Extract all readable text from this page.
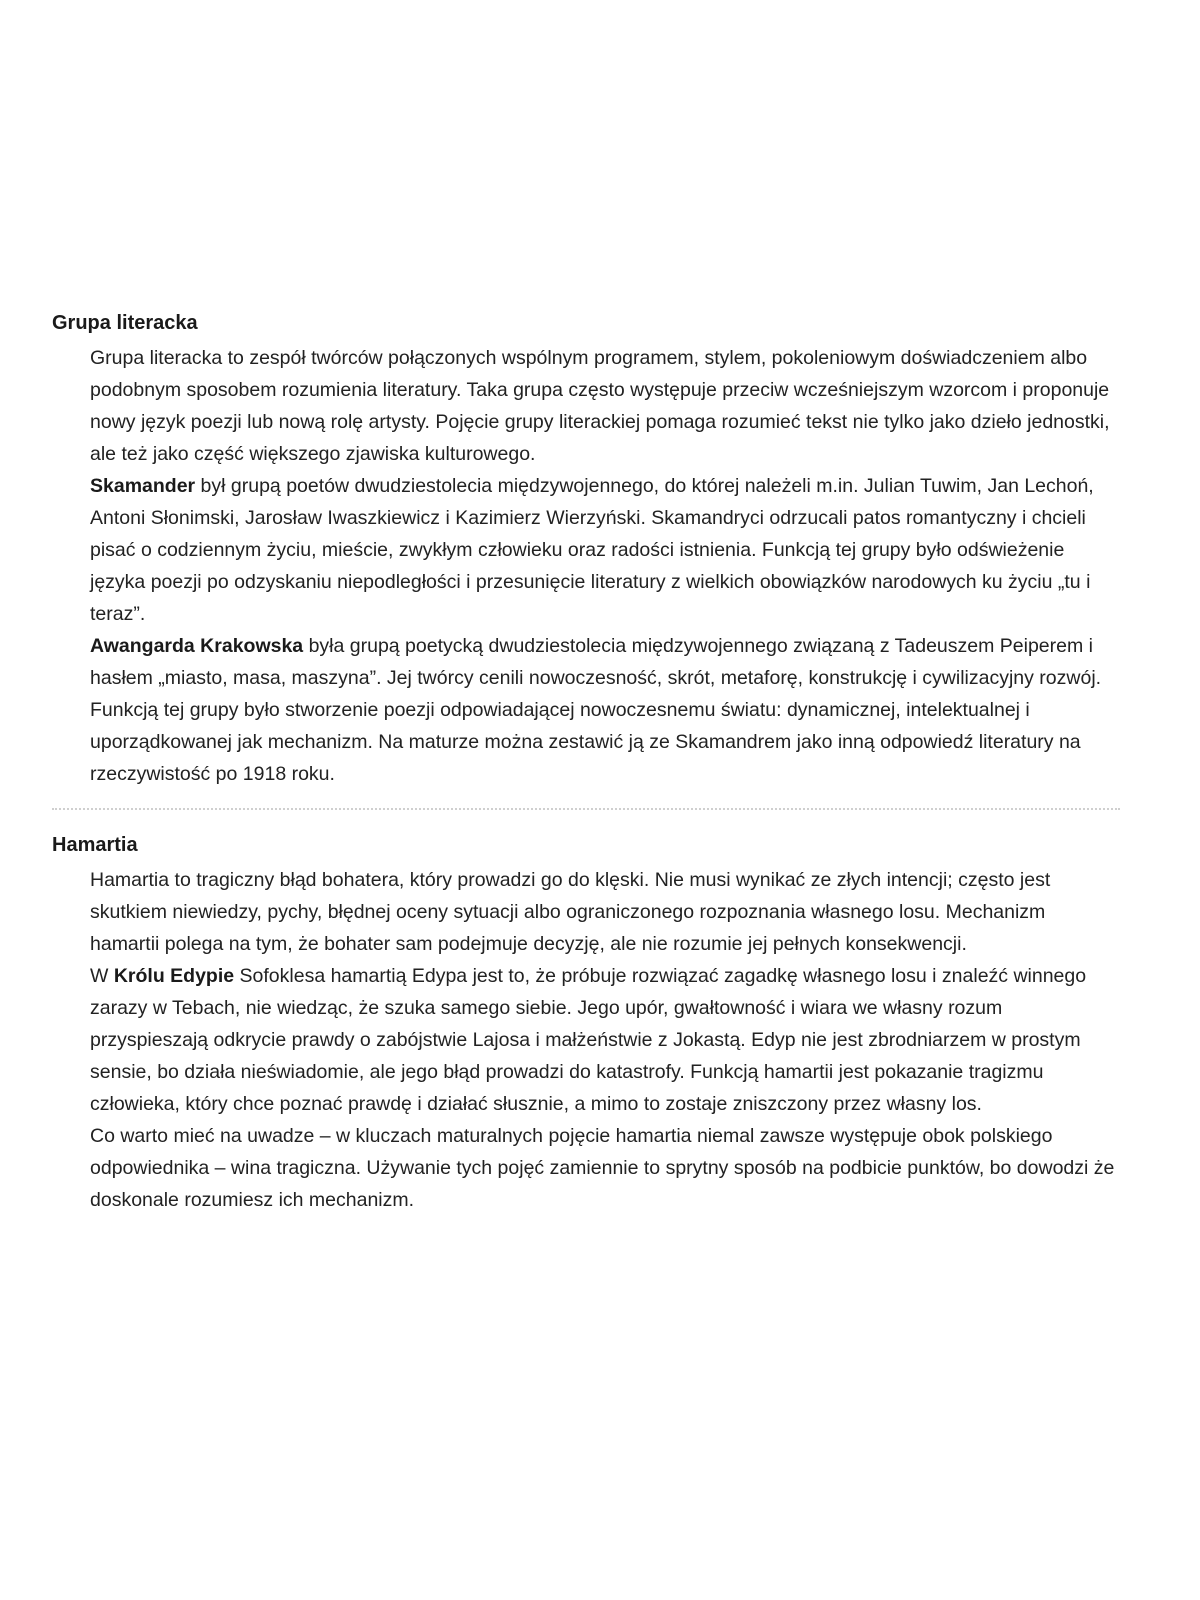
Grupa literacka

Grupa literacka to zespół twórców połączonych wspólnym programem, stylem, pokoleniowym doświadczeniem albo podobnym sposobem rozumienia literatury. Taka grupa często występuje przeciw wcześniejszym wzorcom i proponuje nowy język poezji lub nową rolę artysty. Pojęcie grupy literackiej pomaga rozumieć tekst nie tylko jako dzieło jednostki, ale też jako część większego zjawiska kulturowego.

Skamander był grupą poetów dwudziestolecia międzywojennego, do której należeli m.in. Julian Tuwim, Jan Lechoń, Antoni Słonimski, Jarosław Iwaszkiewicz i Kazimierz Wierzyński. Skamandryci odrzucali patos romantyczny i chcieli pisać o codziennym życiu, mieście, zwykłym człowieku oraz radości istnienia. Funkcją tej grupy było odświeżenie języka poezji po odzyskaniu niepodległości i przesunięcie literatury z wielkich obowiązków narodowych ku życiu „tu i teraz”.

Awangarda Krakowska była grupą poetycką dwudziestolecia międzywojennego związaną z Tadeuszem Peiperem i hasłem „miasto, masa, maszyna”. Jej twórcy cenili nowoczesność, skrót, metaforę, konstrukcję i cywilizacyjny rozwój. Funkcją tej grupy było stworzenie poezji odpowiadającej nowoczesnemu światu: dynamicznej, intelektualnej i uporządkowanej jak mechanizm. Na maturze można zestawić ją ze Skamandrem jako inną odpowiedź literatury na rzeczywistość po 1918 roku.

Hamartia

Hamartia to tragiczny błąd bohatera, który prowadzi go do klęski. Nie musi wynikać ze złych intencji; często jest skutkiem niewiedzy, pychy, błędnej oceny sytuacji albo ograniczonego rozpoznania własnego losu. Mechanizm hamartii polega na tym, że bohater sam podejmuje decyzję, ale nie rozumie jej pełnych konsekwencji.

W Królu Edypie Sofoklesa hamartią Edypa jest to, że próbuje rozwiązać zagadkę własnego losu i znaleźć winnego zarazy w Tebach, nie wiedząc, że szuka samego siebie. Jego upór, gwałtowność i wiara we własny rozum przyspieszają odkrycie prawdy o zabójstwie Lajosa i małżeństwie z Jokastą. Edyp nie jest zbrodniarzem w prostym sensie, bo działa nieświadomie, ale jego błąd prowadzi do katastrofy. Funkcją hamartii jest pokazanie tragizmu człowieka, który chce poznać prawdę i działać słusznie, a mimo to zostaje zniszczony przez własny los.

Co warto mieć na uwadze – w kluczach maturalnych pojęcie hamartia niemal zawsze występuje obok polskiego odpowiednika – wina tragiczna. Używanie tych pojęć zamiennie to sprytny sposób na podbicie punktów, bo dowodzi że doskonale rozumiesz ich mechanizm.
